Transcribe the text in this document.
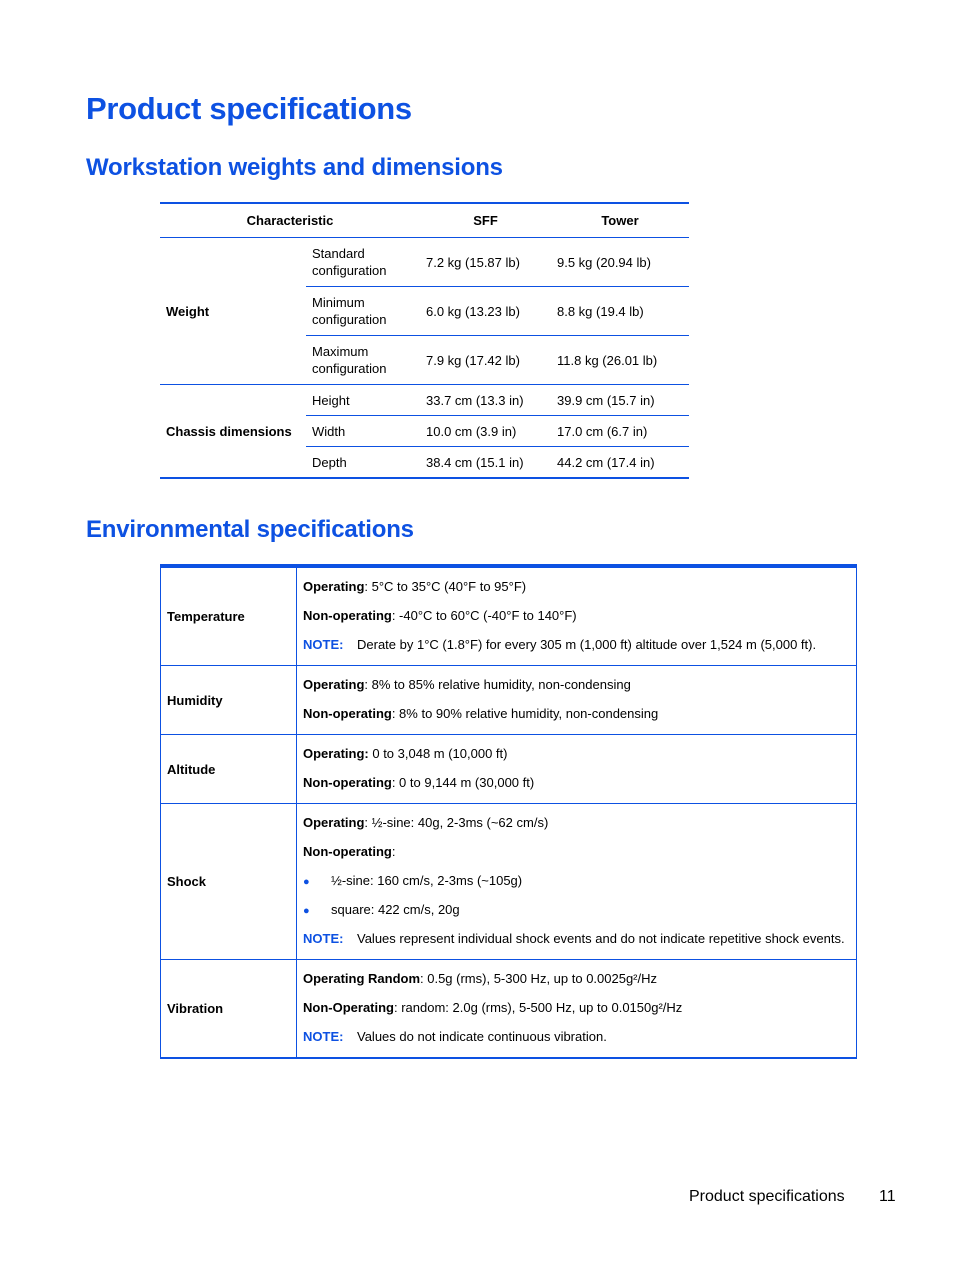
Product specifications
Workstation weights and dimensions
Characteristic		SFF	Tower
Weight	Standard configuration	7.2 kg (15.87 lb)	9.5 kg (20.94 lb)
	Minimum configuration	6.0 kg (13.23 lb)	8.8 kg (19.4 lb)
	Maximum configuration	7.9 kg (17.42 lb)	11.8 kg (26.01 lb)
Chassis dimensions	Height	33.7 cm (13.3 in)	39.9 cm (15.7 in)
	Width	10.0 cm (3.9 in)	17.0 cm (6.7 in)
	Depth	38.4 cm (15.1 in)	44.2 cm (17.4 in)
Environmental specifications
Temperature	Operating: 5°C to 35°C (40°F to 95°F)
Non-operating: -40°C to 60°C (-40°F to 140°F)
NOTE: Derate by 1°C (1.8°F) for every 305 m (1,000 ft) altitude over 1,524 m (5,000 ft).

Humidity	Operating: 8% to 85% relative humidity, non-condensing
Non-operating: 8% to 90% relative humidity, non-condensing

Altitude	Operating: 0 to 3,048 m (10,000 ft)
Non-operating: 0 to 9,144 m (30,000 ft)

Shock	Operating: ½-sine: 40g, 2-3ms (~62 cm/s)
Non-operating:
● ½-sine: 160 cm/s, 2-3ms (~105g)
● square: 422 cm/s, 20g
NOTE: Values represent individual shock events and do not indicate repetitive shock events.

Vibration	Operating Random: 0.5g (rms), 5-300 Hz, up to 0.0025g²/Hz
Non-Operating: random: 2.0g (rms), 5-500 Hz, up to 0.0150g²/Hz
NOTE: Values do not indicate continuous vibration.
Product specifications 11
